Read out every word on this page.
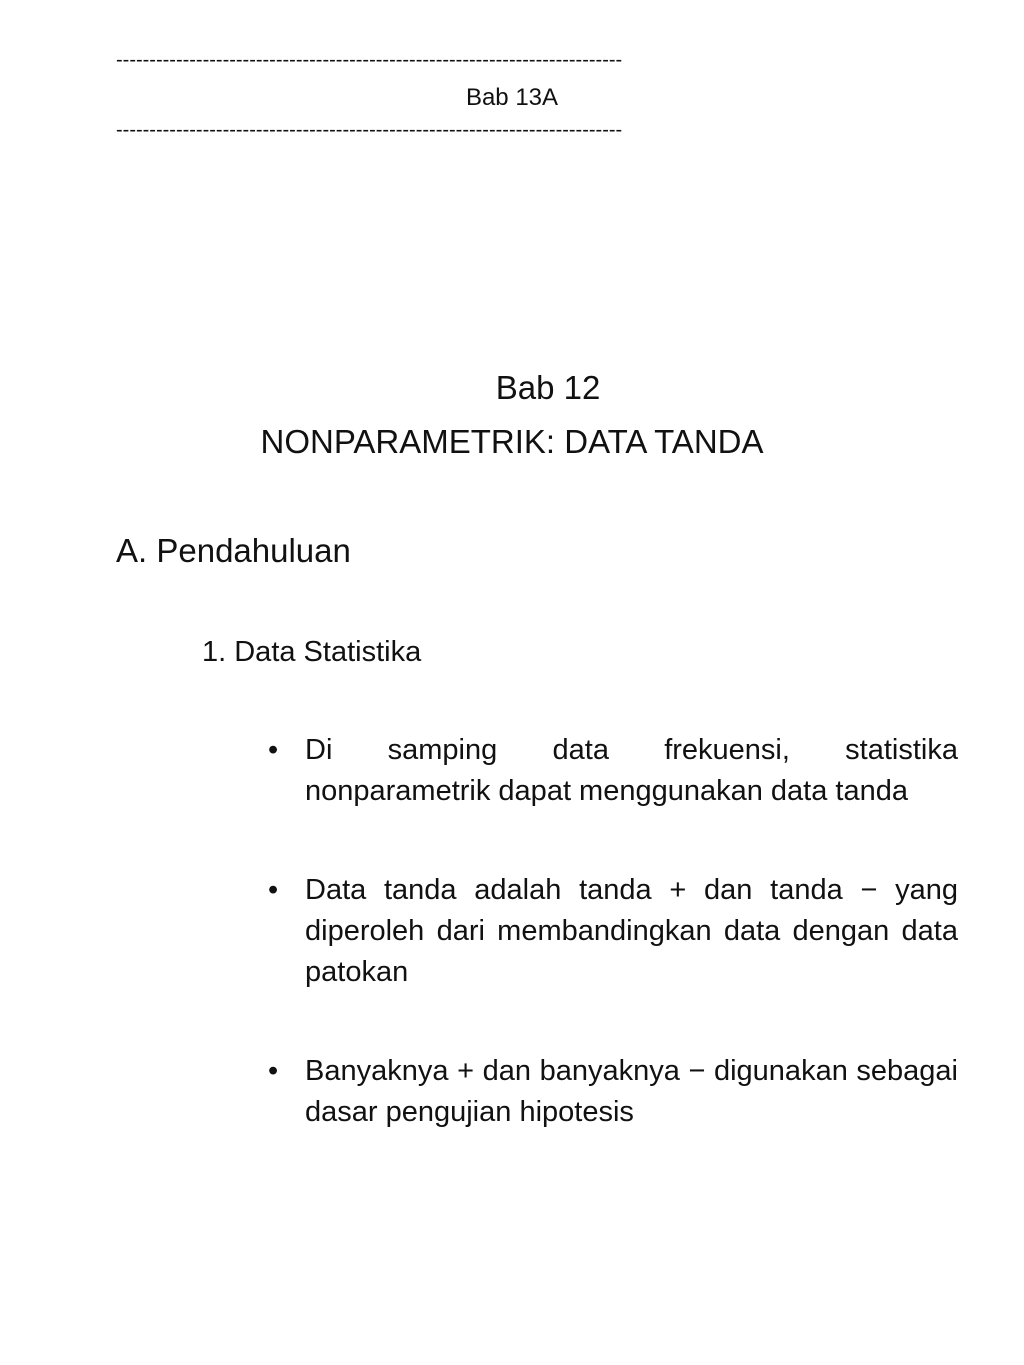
----------------------------------------------------------------------------
Bab 13A
----------------------------------------------------------------------------
Bab 12
NONPARAMETRIK: DATA TANDA
A. Pendahuluan
1. Data Statistika
• Di samping data frekuensi, statistika nonparametrik dapat menggunakan data tanda
• Data tanda adalah tanda + dan tanda − yang diperoleh dari membandingkan data dengan data patokan
• Banyaknya + dan banyaknya − digunakan sebagai dasar pengujian hipotesis
